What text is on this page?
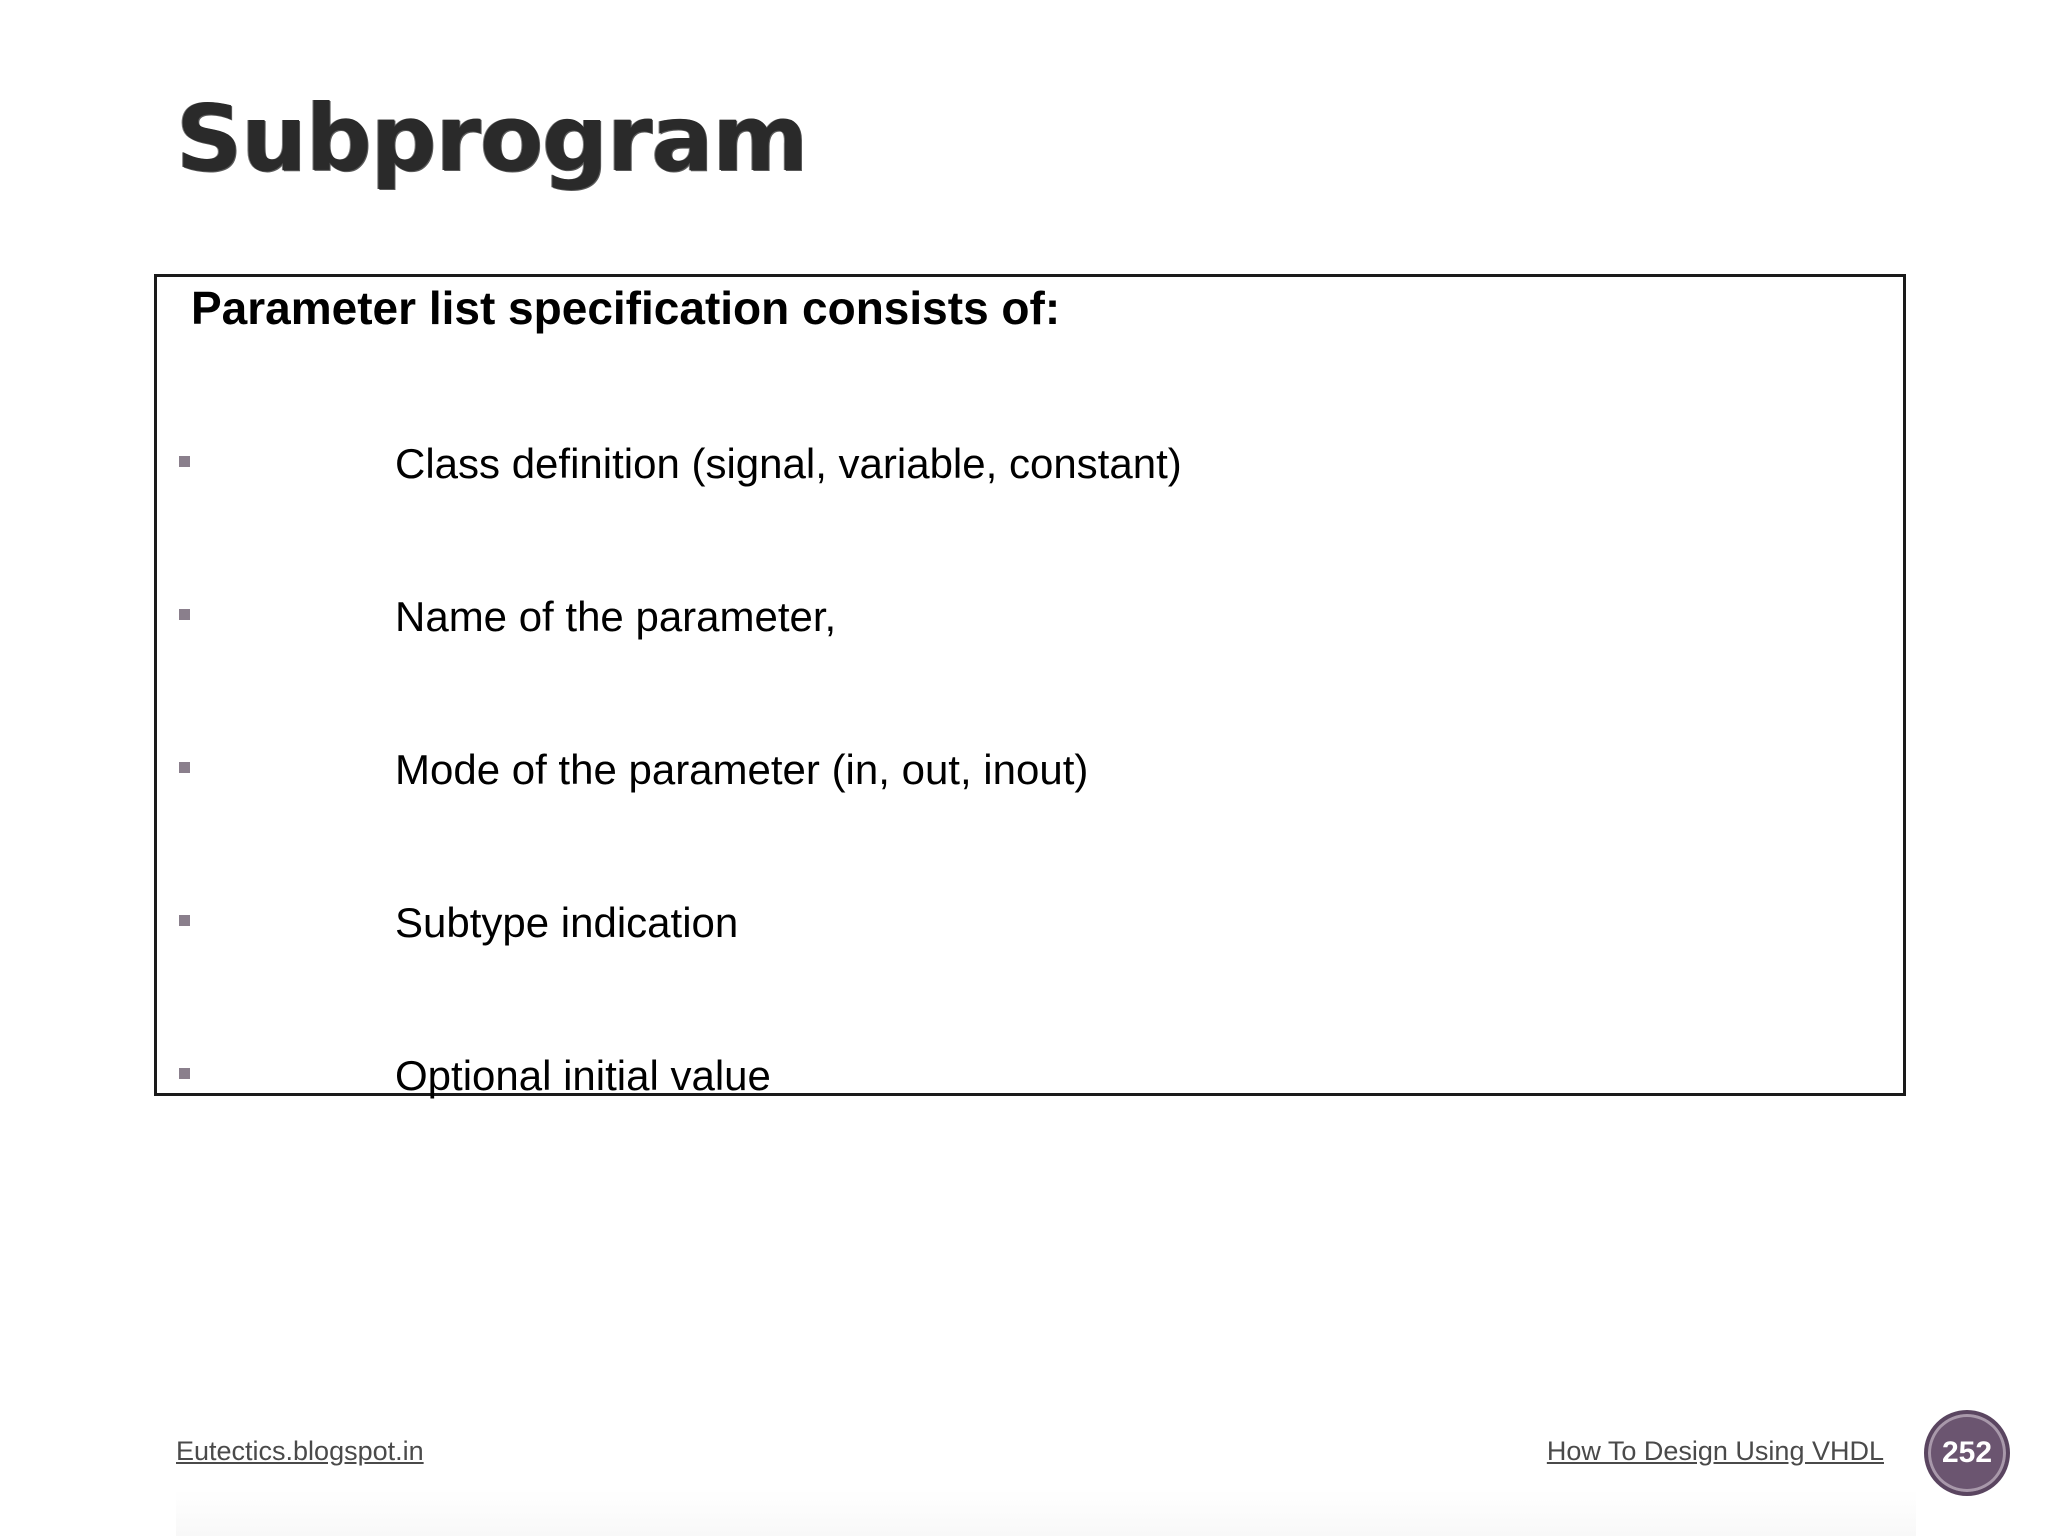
Subprogram
Parameter list specification consists of:
Class definition (signal, variable, constant)
Name of the parameter,
Mode of the parameter (in, out, inout)
Subtype indication
Optional initial value
Eutectics.blogspot.in	How To Design Using VHDL 252
